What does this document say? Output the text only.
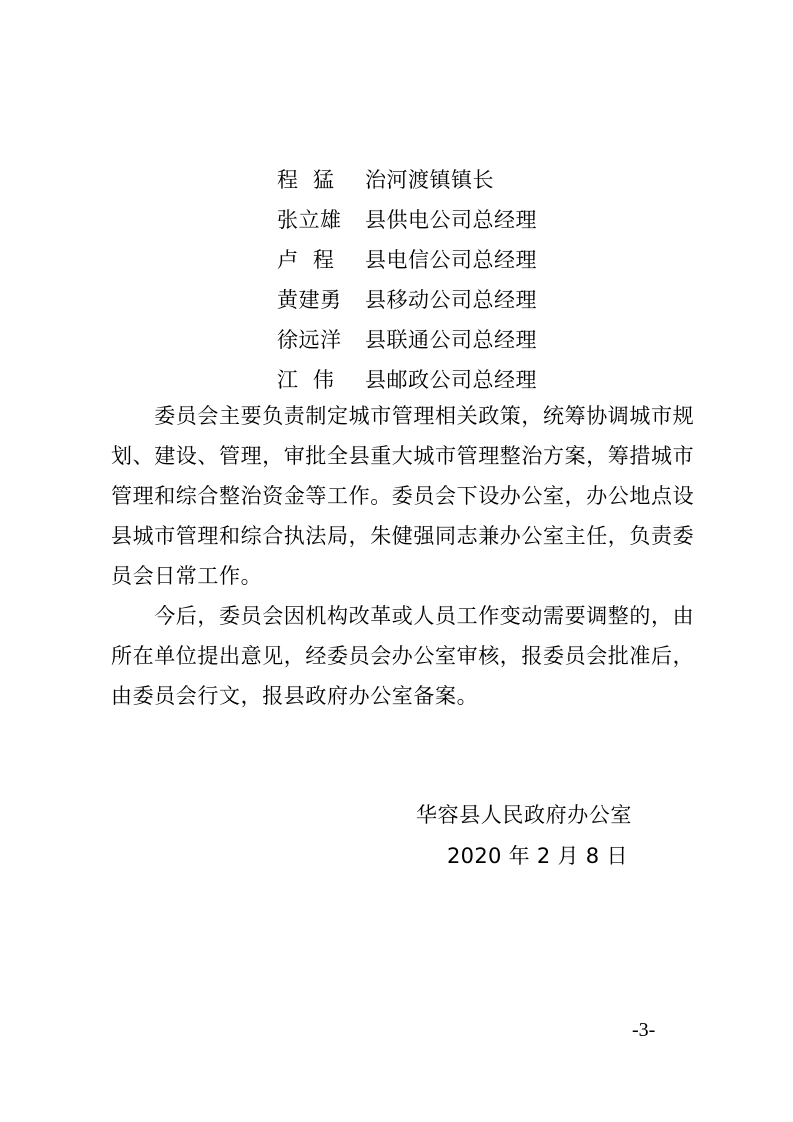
程  猛	治河渡镇镇长
张立雄	县供电公司总经理
卢  程	县电信公司总经理
黄建勇	县移动公司总经理
徐远洋	县联通公司总经理
江  伟	县邮政公司总经理

　　委员会主要负责制定城市管理相关政策，统筹协调城市规
划、建设、管理，审批全县重大城市管理整治方案，筹措城市
管理和综合整治资金等工作。委员会下设办公室，办公地点设
县城市管理和综合执法局，朱健强同志兼办公室主任，负责委
员会日常工作。

　　今后，委员会因机构改革或人员工作变动需要调整的，由
所在单位提出意见，经委员会办公室审核，报委员会批准后，
由委员会行文，报县政府办公室备案。

华容县人民政府办公室

2020 年 2 月 8 日

-3-
